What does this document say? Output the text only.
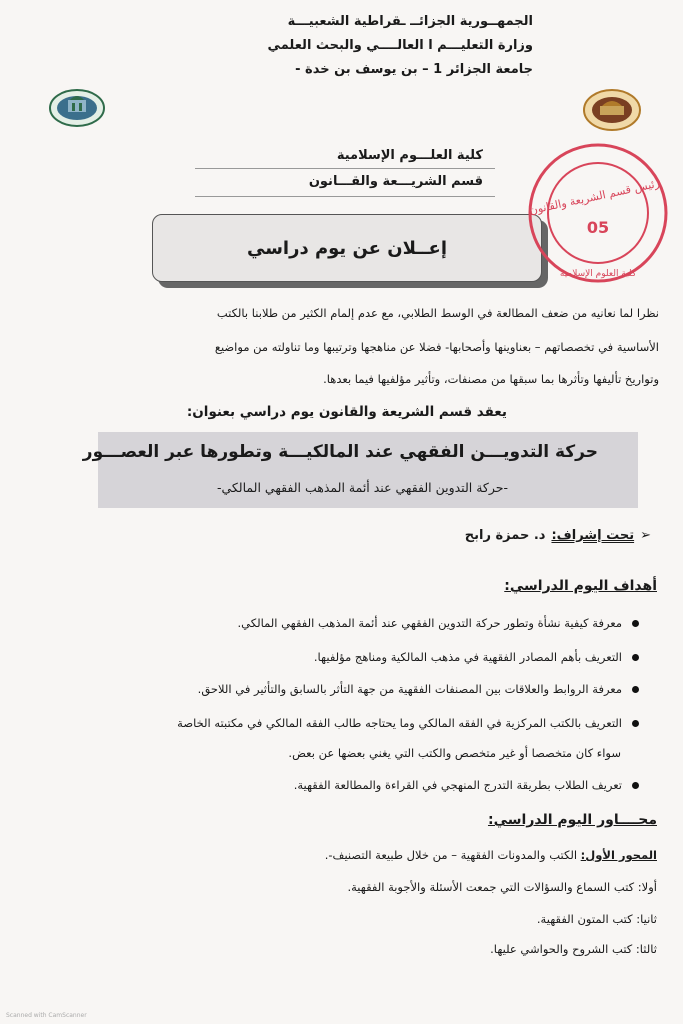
الجمهــورية الجزائــ ـقراطية الشعبيـــة
وزارة التعليـــم ا العالــــي والبحث العلمي
جامعة الجزائر 1 – بن يوسف بن خدة -
كلية العلـــوم الإسلامية
قسم الشريـــعة والقـــانون
إعــلان عن يوم دراسي
رئيس قسم الشريعة والقانون
05
كلية العلوم الإسلامية
نظرا لما نعانيه من ضعف المطالعة في الوسط الطلابي، مع عدم إلمام الكثير من طلابنا بالكتب
الأساسية في تخصصاتهم – بعناوينها وأصحابها- فضلا عن مناهجها وترتيبها وما تناولته من مواضيع
وتواريخ تأليفها وتأثرها بما سبقها من مصنفات، وتأثير مؤلفيها فيما بعدها.
يعقد قسم الشريعة والقانون يوم دراسي بعنوان:
حركة التدويـــن الفقهي عند المالكيـــة وتطورها عبر العصـــور
-حركة التدوين الفقهي عند أئمة المذهب الفقهي المالكي-
➢
تحت إشراف:
د. حمزة رابح
أهداف اليوم الدراسي:
معرفة كيفية نشأة وتطور حركة التدوين الفقهي عند أئمة المذهب الفقهي المالكي.
التعريف بأهم المصادر الفقهية في مذهب المالكية ومناهج مؤلفيها.
معرفة الروابط والعلاقات بين المصنفات الفقهية من جهة التأثر بالسابق والتأثير في اللاحق.
التعريف بالكتب المركزية في الفقه المالكي وما يحتاجه طالب الفقه المالكي في مكتبته الخاصة
سواء كان متخصصا أو غير متخصص والكتب التي يغني بعضها عن بعض.
تعريف الطلاب بطريقة التدرج المنهجي في القراءة والمطالعة الفقهية.
محــــاور اليوم الدراسي:
المحور الأول: الكتب والمدونات الفقهية – من خلال طبيعة التصنيف-.
أولا: كتب السماع والسؤالات التي جمعت الأسئلة والأجوبة الفقهية.
ثانيا: كتب المتون الفقهية.
ثالثا: كتب الشروح والحواشي عليها.
Scanned with CamScanner
